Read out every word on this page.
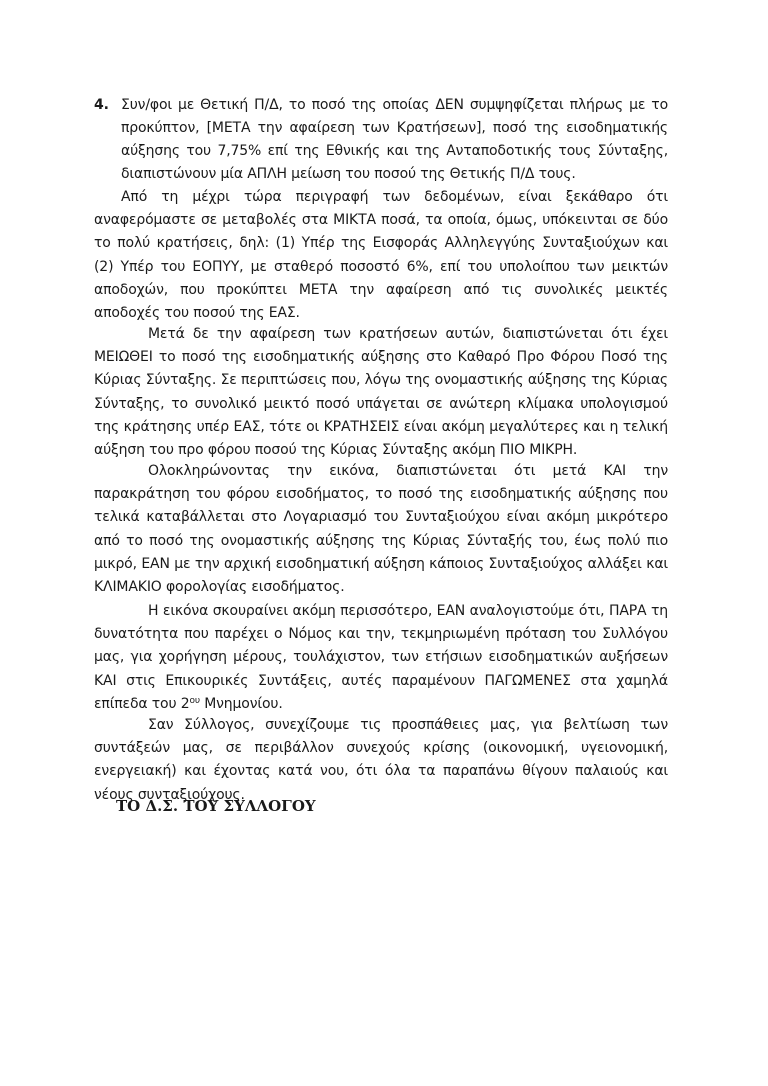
4. Συν/φοι με Θετική Π/Δ, το ποσό της οποίας ΔΕΝ συμψηφίζεται πλήρως με το προκύπτον, [ΜΕΤΑ την αφαίρεση των Κρατήσεων], ποσό της εισοδηματικής αύξησης του 7,75% επί της Εθνικής και της Ανταποδοτικής τους Σύνταξης, διαπιστώνουν μία ΑΠΛΗ μείωση του ποσού της Θετικής Π/Δ τους.

Από τη μέχρι τώρα περιγραφή των δεδομένων, είναι ξεκάθαρο ότι αναφερόμαστε σε μεταβολές στα ΜΙΚΤΑ ποσά, τα οποία, όμως, υπόκεινται σε δύο το πολύ κρατήσεις, δηλ: (1) Υπέρ της Εισφοράς Αλληλεγγύης Συνταξιούχων και (2) Υπέρ του ΕΟΠΥΥ, με σταθερό ποσοστό 6%, επί του υπολοίπου των μεικτών αποδοχών, που προκύπτει ΜΕΤΑ την αφαίρεση από τις συνολικές μεικτές αποδοχές του ποσού της ΕΑΣ.

Μετά δε την αφαίρεση των κρατήσεων αυτών, διαπιστώνεται ότι έχει ΜΕΙΩΘΕΙ το ποσό της εισοδηματικής αύξησης στο Καθαρό Προ Φόρου Ποσό της Κύριας Σύνταξης. Σε περιπτώσεις που, λόγω της ονομαστικής αύξησης της Κύριας Σύνταξης, το συνολικό μεικτό ποσό υπάγεται σε ανώτερη κλίμακα υπολογισμού της κράτησης υπέρ ΕΑΣ, τότε οι ΚΡΑΤΗΣΕΙΣ είναι ακόμη μεγαλύτερες και η τελική αύξηση του προ φόρου ποσού της Κύριας Σύνταξης ακόμη ΠΙΟ ΜΙΚΡΗ.

Ολοκληρώνοντας την εικόνα, διαπιστώνεται ότι μετά ΚΑΙ την παρακράτηση του φόρου εισοδήματος, το ποσό της εισοδηματικής αύξησης που τελικά καταβάλλεται στο Λογαριασμό του Συνταξιούχου είναι ακόμη μικρότερο από το ποσό της ονομαστικής αύξησης της Κύριας Σύνταξής του, έως πολύ πιο μικρό, ΕΑΝ με την αρχική εισοδηματική αύξηση κάποιος Συνταξιούχος αλλάξει και ΚΛΙΜΑΚΙΟ φορολογίας εισοδήματος.

Η εικόνα σκουραίνει ακόμη περισσότερο, ΕΑΝ αναλογιστούμε ότι, ΠΑΡΑ τη δυνατότητα που παρέχει ο Νόμος και την, τεκμηριωμένη πρόταση του Συλλόγου μας, για χορήγηση μέρους, τουλάχιστον, των ετήσιων εισοδηματικών αυξήσεων ΚΑΙ στις Επικουρικές Συντάξεις, αυτές παραμένουν ΠΑΓΩΜΕΝΕΣ στα χαμηλά επίπεδα του $2^{o\upsilon}$ Μνημονίου.

Σαν Σύλλογος, συνεχίζουμε τις προσπάθειες μας, για βελτίωση των συντάξεών μας, σε περιβάλλον συνεχούς κρίσης (οικονομική, υγειονομική, ενεργειακή) και έχοντας κατά νου, ότι όλα τα παραπάνω θίγουν παλαιούς και νέους συνταξιούχους.

ΤΟ Δ.Σ. ΤΟΥ ΣΥΛΛΟΓΟΥ
